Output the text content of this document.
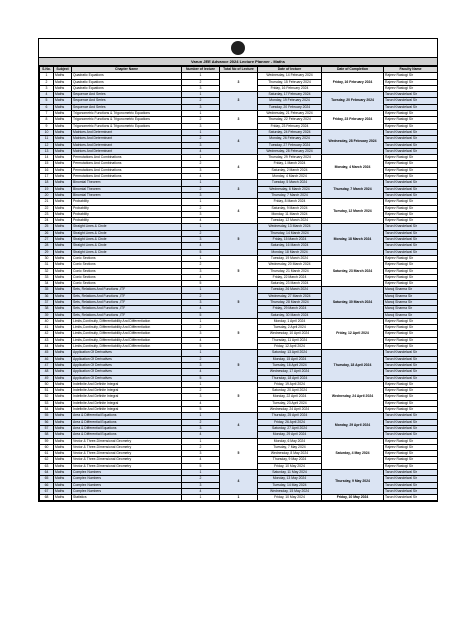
Varun JEE Advance 2024 Lecture Planner - Maths
S.No.	Subject	Chapter Name	Number of lecture	Total No of Lecture	Date of lecture	Date of Completion	Faculty Name
1	Maths	Quadratic Equations	1	3	Wednesday, 14 February 2024	Friday, 16 February 2024	Rajeev Rastogi Sir
2	Maths	Quadratic Equations	2		Thursday, 15 February 2024		Rajeev Rastogi Sir
3	Maths	Quadratic Equations	3		Friday, 16 February 2024		Rajeev Rastogi Sir
4	Maths	Sequence And Series	1	3	Saturday, 17 February 2024	Tuesday, 20 February 2024	Tarun Khandelwal Sir
5	Maths	Sequence And Series	2		Monday, 19 February 2024		Tarun Khandelwal Sir
6	Maths	Sequence And Series	3		Tuesday, 20 February 2024		Tarun Khandelwal Sir
7	Maths	Trigonometric Functions & Trigonometric Equations	1	3	Wednesday, 21 February 2024	Friday, 23 February 2024	Rajeev Rastogi Sir
8	Maths	Trigonometric Functions & Trigonometric Equations	2		Thursday, 22 February 2024		Rajeev Rastogi Sir
9	Maths	Trigonometric Functions & Trigonometric Equations	3		Friday, 23 February 2024		Rajeev Rastogi Sir
10	Maths	Matrices And Determinant	1	4	Saturday, 24 February 2024	Wednesday, 28 February 2024	Tarun Khandelwal Sir
11	Maths	Matrices And Determinant	2		Monday, 26 February 2024		Tarun Khandelwal Sir
12	Maths	Matrices And Determinant	3		Tuesday, 27 February 2024		Tarun Khandelwal Sir
13	Maths	Matrices And Determinant	4		Wednesday, 28 February 2024		Tarun Khandelwal Sir
14	Maths	Permutations And Combinations	1	4	Thursday, 29 February 2024	Monday, 4 March 2024	Rajeev Rastogi Sir
15	Maths	Permutations And Combinations	2		Friday, 1 March 2024		Rajeev Rastogi Sir
16	Maths	Permutations And Combinations	3		Saturday, 2 March 2024		Rajeev Rastogi Sir
17	Maths	Permutations And Combinations	4		Monday, 4 March 2024		Rajeev Rastogi Sir
18	Maths	Binomial Theorem	1	3	Tuesday, 5 March 2024	Thursday, 7 March 2024	Tarun Khandelwal Sir
19	Maths	Binomial Theorem	2		Wednesday, 6 March 2024		Tarun Khandelwal Sir
20	Maths	Binomial Theorem	3		Thursday, 7 March 2024		Tarun Khandelwal Sir
21	Maths	Probability	1	4	Friday, 8 March 2024	Tuesday, 12 March 2024	Rajeev Rastogi Sir
22	Maths	Probability	2		Saturday, 9 March 2024		Rajeev Rastogi Sir
23	Maths	Probability	3		Monday, 11 March 2024		Rajeev Rastogi Sir
24	Maths	Probability	4		Tuesday, 12 March 2024		Rajeev Rastogi Sir
25	Maths	Straight Lines & Circle	1	5	Wednesday, 13 March 2024	Monday, 18 March 2024	Tarun Khandelwal Sir
26	Maths	Straight Lines & Circle	2		Thursday, 14 March 2024		Tarun Khandelwal Sir
27	Maths	Straight Lines & Circle	3		Friday, 15 March 2024		Tarun Khandelwal Sir
28	Maths	Straight Lines & Circle	4		Saturday, 16 March 2024		Tarun Khandelwal Sir
29	Maths	Straight Lines & Circle	5		Monday, 18 March 2024		Tarun Khandelwal Sir
30	Maths	Conic Sections	1	5	Tuesday, 19 March 2024	Saturday, 23 March 2024	Rajeev Rastogi Sir
31	Maths	Conic Sections	2		Wednesday, 20 March 2024		Rajeev Rastogi Sir
32	Maths	Conic Sections	3		Thursday, 21 March 2024		Rajeev Rastogi Sir
33	Maths	Conic Sections	4		Friday, 22 March 2024		Rajeev Rastogi Sir
34	Maths	Conic Sections	5		Saturday, 23 March 2024		Rajeev Rastogi Sir
35	Maths	Sets, Relations And Functions ,ITF	1	5	Tuesday, 26 March 2024	Saturday, 30 March 2024	Manoj Sharma Sir
36	Maths	Sets, Relations And Functions ,ITF	2		Wednesday, 27 March 2024		Manoj Sharma Sir
37	Maths	Sets, Relations And Functions ,ITF	3		Thursday, 28 March 2024		Manoj Sharma Sir
38	Maths	Sets, Relations And Functions ,ITF	4		Friday, 29 March 2024		Manoj Sharma Sir
39	Maths	Sets, Relations And Functions ,ITF	5		Saturday, 30 March 2024		Manoj Sharma Sir
40	Maths	Limits,Continuity, Differentiability And Differentiation	1	5	Monday, 1 April 2024	Friday, 12 April 2024	Rajeev Rastogi Sir
41	Maths	Limits,Continuity, Differentiability And Differentiation	2		Tuesday, 2 April 2024		Rajeev Rastogi Sir
42	Maths	Limits,Continuity, Differentiability And Differentiation	3		Wednesday, 10 April 2024		Rajeev Rastogi Sir
43	Maths	Limits,Continuity, Differentiability And Differentiation	4		Thursday, 11 April 2024		Rajeev Rastogi Sir
44	Maths	Limits,Continuity, Differentiability And Differentiation	5		Friday, 12 April 2024		Rajeev Rastogi Sir
45	Maths	Application Of Derivatives	1	5	Saturday, 13 April 2024	Thursday, 18 April 2024	Tarun Khandelwal Sir
46	Maths	Application Of Derivatives	2		Monday, 15 April 2024		Tarun Khandelwal Sir
47	Maths	Application Of Derivatives	3		Tuesday, 16 April 2024		Tarun Khandelwal Sir
48	Maths	Application Of Derivatives	4		Wednesday, 17 April 2024		Tarun Khandelwal Sir
49	Maths	Application Of Derivatives	5		Thursday, 18 April 2024		Tarun Khandelwal Sir
50	Maths	Indefinite And Definite Integral	1	5	Friday, 19 April 2024	Wednesday, 24 April 2024	Rajeev Rastogi Sir
51	Maths	Indefinite And Definite Integral	2		Saturday, 20 April 2024		Rajeev Rastogi Sir
52	Maths	Indefinite And Definite Integral	3		Monday, 22 April 2024		Rajeev Rastogi Sir
53	Maths	Indefinite And Definite Integral	4		Tuesday, 23 April 2024		Rajeev Rastogi Sir
54	Maths	Indefinite And Definite Integral	5		Wednesday, 24 April 2024		Rajeev Rastogi Sir
55	Maths	Area & Differential Equations	1	4	Thursday, 25 April 2024	Monday, 29 April 2024	Tarun Khandelwal Sir
56	Maths	Area & Differential Equations	2		Friday, 26 April 2024		Tarun Khandelwal Sir
57	Maths	Area & Differential Equations	3		Saturday, 27 April 2024		Tarun Khandelwal Sir
58	Maths	Area & Differential Equations	4		Monday, 29 April 2024		Tarun Khandelwal Sir
59	Maths	Vector & Three-Dimensional Geometry	1	5	Monday, 6 May 2024	Saturday, 4 May 2024	Rajeev Rastogi Sir
60	Maths	Vector & Three-Dimensional Geometry	2		Tuesday, 7 May 2024		Rajeev Rastogi Sir
61	Maths	Vector & Three-Dimensional Geometry	3		Wednesday, 8 May 2024		Rajeev Rastogi Sir
62	Maths	Vector & Three-Dimensional Geometry	4		Thursday, 9 May 2024		Rajeev Rastogi Sir
63	Maths	Vector & Three-Dimensional Geometry	5		Friday, 10 May 2024		Rajeev Rastogi Sir
64	Maths	Complex Numbers	1	4	Saturday, 11 May 2024	Thursday, 9 May 2024	Tarun Khandelwal Sir
65	Maths	Complex Numbers	2		Monday, 13 May 2024		Tarun Khandelwal Sir
66	Maths	Complex Numbers	3		Tuesday, 14 May 2024		Tarun Khandelwal Sir
67	Maths	Complex Numbers	4		Wednesday, 15 May 2024		Tarun Khandelwal Sir
68	Maths	Statistics	1	1	Friday, 10 May 2024	Friday, 10 May 2024	Tarun Khandelwal Sir
